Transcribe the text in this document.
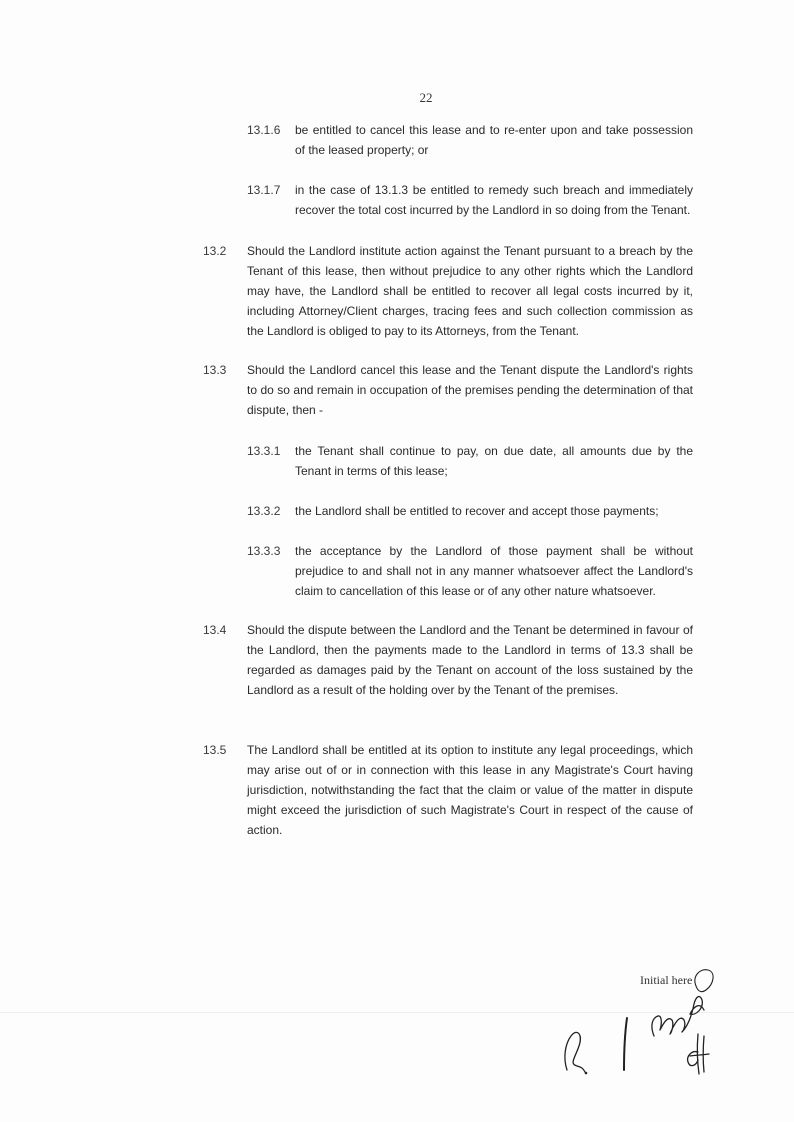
22
13.1.6 be entitled to cancel this lease and to re-enter upon and take possession of the leased property; or
13.1.7 in the case of 13.1.3 be entitled to remedy such breach and immediately recover the total cost incurred by the Landlord in so doing from the Tenant.
13.2 Should the Landlord institute action against the Tenant pursuant to a breach by the Tenant of this lease, then without prejudice to any other rights which the Landlord may have, the Landlord shall be entitled to recover all legal costs incurred by it, including Attorney/Client charges, tracing fees and such collection commission as the Landlord is obliged to pay to its Attorneys, from the Tenant.
13.3 Should the Landlord cancel this lease and the Tenant dispute the Landlord's rights to do so and remain in occupation of the premises pending the determination of that dispute, then -
13.3.1 the Tenant shall continue to pay, on due date, all amounts due by the Tenant in terms of this lease;
13.3.2 the Landlord shall be entitled to recover and accept those payments;
13.3.3 the acceptance by the Landlord of those payment shall be without prejudice to and shall not in any manner whatsoever affect the Landlord's claim to cancellation of this lease or of any other nature whatsoever.
13.4 Should the dispute between the Landlord and the Tenant be determined in favour of the Landlord, then the payments made to the Landlord in terms of 13.3 shall be regarded as damages paid by the Tenant on account of the loss sustained by the Landlord as a result of the holding over by the Tenant of the premises.
13.5 The Landlord shall be entitled at its option to institute any legal proceedings, which may arise out of or in connection with this lease in any Magistrate's Court having jurisdiction, notwithstanding the fact that the claim or value of the matter in dispute might exceed the jurisdiction of such Magistrate's Court in respect of the cause of action.
Initial here
